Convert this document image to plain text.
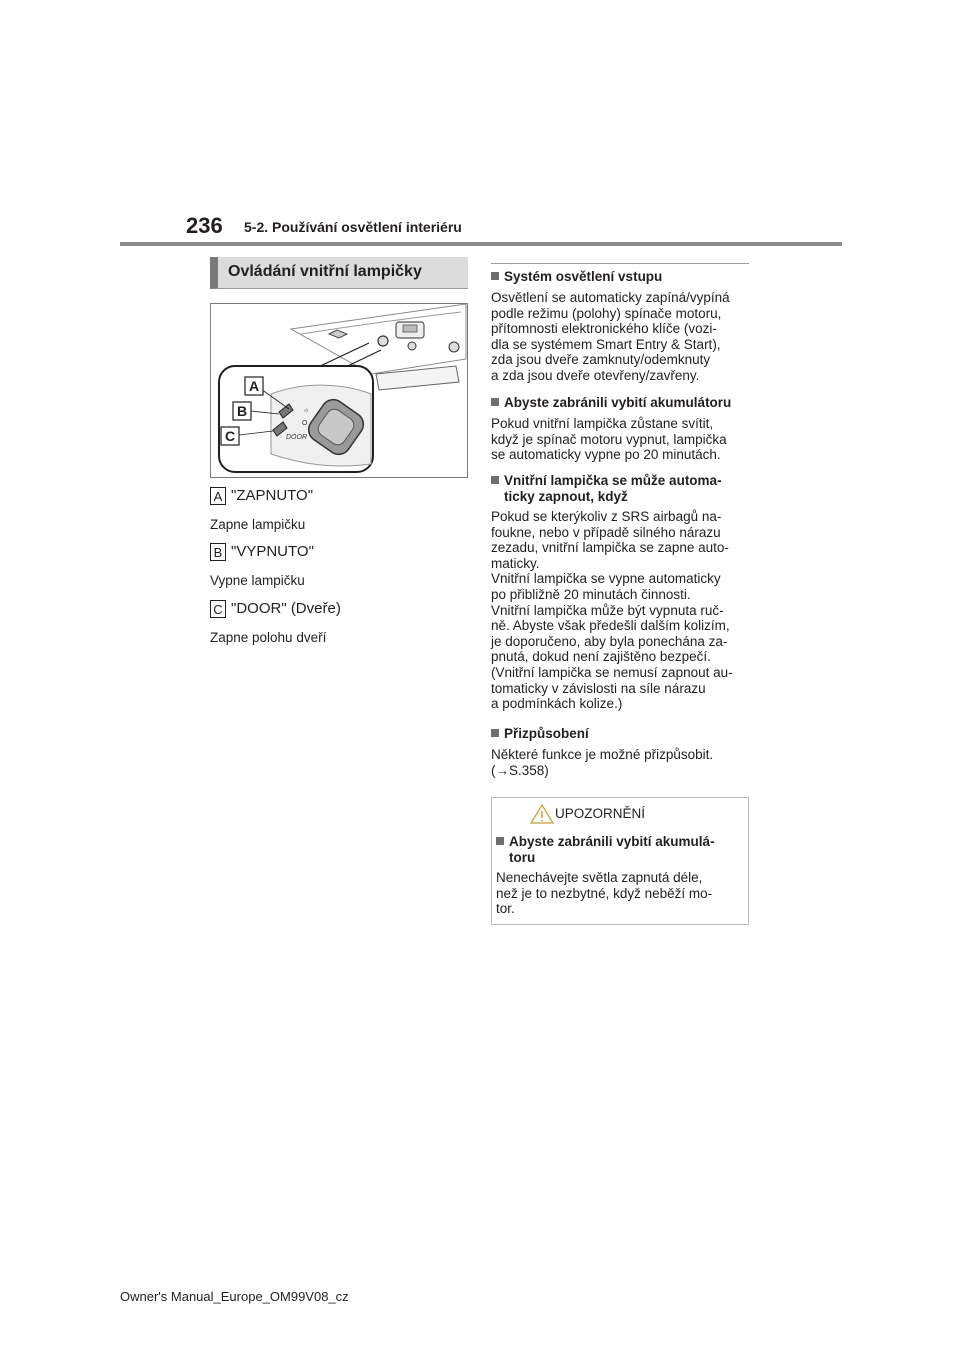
236 5-2. Používání osvětlení interiéru
Ovládání vnitřní lampičky
☼
O
DOOR
A
B
C
A "ZAPNUTO"
Zapne lampičku
B "VYPNUTO"
Vypne lampičku
C "DOOR" (Dveře)
Zapne polohu dveří
Systém osvětlení vstupu
Osvětlení se automaticky zapíná/vypíná
podle režimu (polohy) spínače motoru,
přítomnosti elektronického klíče (vozi-
dla se systémem Smart Entry & Start),
zda jsou dveře zamknuty/odemknuty
a zda jsou dveře otevřeny/zavřeny.
Abyste zabránili vybití akumulátoru
Pokud vnitřní lampička zůstane svítit,
když je spínač motoru vypnut, lampička
se automaticky vypne po 20 minutách.
Vnitřní lampička se může automa-
ticky zapnout, když
Pokud se kterýkoliv z SRS airbagů na-
foukne, nebo v případě silného nárazu
zezadu, vnitřní lampička se zapne auto-
maticky.
Vnitřní lampička se vypne automaticky
po přibližně 20 minutách činnosti.
Vnitřní lampička může být vypnuta ruč-
ně. Abyste však předešli dalším kolizím,
je doporučeno, aby byla ponechána za-
pnutá, dokud není zajištěno bezpečí.
(Vnitřní lampička se nemusí zapnout au-
tomaticky v závislosti na síle nárazu
a podmínkách kolize.)
Přizpůsobení
Některé funkce je možné přizpůsobit.
(→S.358)
UPOZORNĚNÍ
Abyste zabránili vybití akumulá-
toru
Nenechávejte světla zapnutá déle,
než je to nezbytné, když neběží mo-
tor.
Owner's Manual_Europe_OM99V08_cz
